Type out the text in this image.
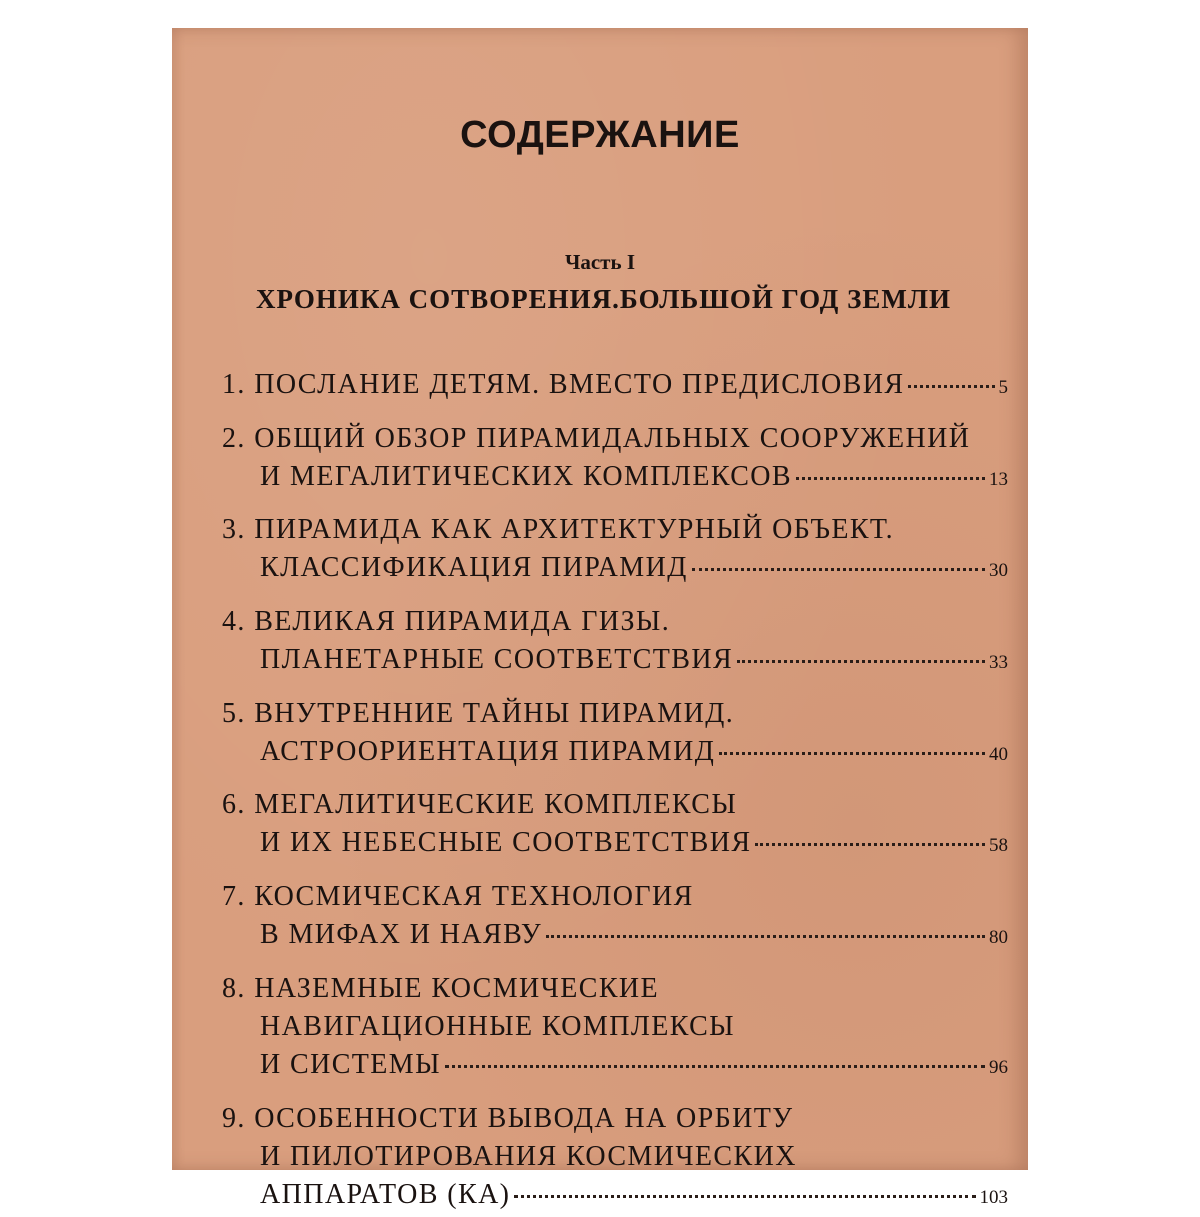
СОДЕРЖАНИЕ
Часть I
ХРОНИКА СОТВОРЕНИЯ.БОЛЬШОЙ ГОД ЗЕМЛИ
1. ПОСЛАНИЕ ДЕТЯМ. ВМЕСТО ПРЕДИСЛОВИЯ	5
2. ОБЩИЙ ОБЗОР ПИРАМИДАЛЬНЫХ СООРУЖЕНИЙ
И МЕГАЛИТИЧЕСКИХ КОМПЛЕКСОВ	13
3. ПИРАМИДА КАК АРХИТЕКТУРНЫЙ ОБЪЕКТ.
КЛАССИФИКАЦИЯ ПИРАМИД	30
4. ВЕЛИКАЯ ПИРАМИДА ГИЗЫ.
ПЛАНЕТАРНЫЕ СООТВЕТСТВИЯ	33
5. ВНУТРЕННИЕ ТАЙНЫ ПИРАМИД.
АСТРООРИЕНТАЦИЯ ПИРАМИД	40
6. МЕГАЛИТИЧЕСКИЕ КОМПЛЕКСЫ
И ИХ НЕБЕСНЫЕ СООТВЕТСТВИЯ	58
7. КОСМИЧЕСКАЯ ТЕХНОЛОГИЯ
В МИФАХ И НАЯВУ	80
8. НАЗЕМНЫЕ КОСМИЧЕСКИЕ
НАВИГАЦИОННЫЕ КОМПЛЕКСЫ
И СИСТЕМЫ	96
9. ОСОБЕННОСТИ ВЫВОДА НА ОРБИТУ
И ПИЛОТИРОВАНИЯ КОСМИЧЕСКИХ
АППАРАТОВ (КА)	103
